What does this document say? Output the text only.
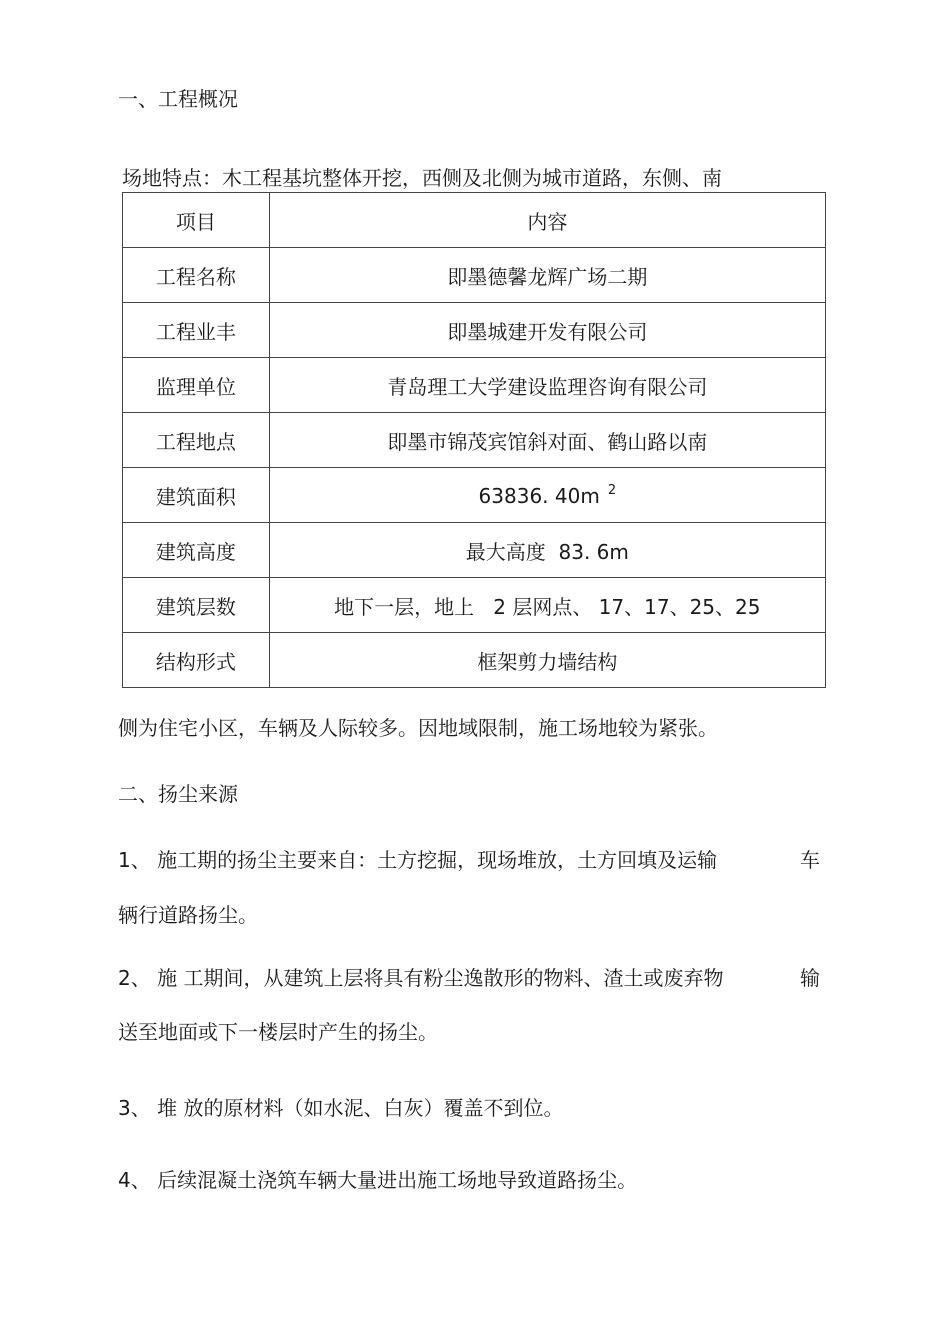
一、工程概况
场地特点：木工程基坑整体开挖，西侧及北侧为城市道路，东侧、南
项目	内容
工程名称	即墨德馨龙辉广场二期
工程业丰	即墨城建开发有限公司
监理单位	青岛理工大学建设监理咨询有限公司
工程地点	即墨市锦茂宾馆斜对面、鹤山路以南
建筑面积	63836. 40m $^2$
建筑高度	最大高度  83. 6m
建筑层数	地下一层，地上   2 层网点、 17、17、25、25
结构形式	框架剪力墙结构
侧为住宅小区，车辆及人际较多。因地域限制，施工场地较为紧张。
二、扬尘来源
1、 施工期的扬尘主要来自：土方挖掘，现场堆放，土方回填及运输	车
辆行道路扬尘。
2、 施 工期间，从建筑上层将具有粉尘逸散形的物料、渣土或废弃物	输
送至地面或下一楼层时产生的扬尘。
3、 堆 放的原材料（如水泥、白灰）覆盖不到位。
4、 后续混凝土浇筑车辆大量进出施工场地导致道路扬尘。
